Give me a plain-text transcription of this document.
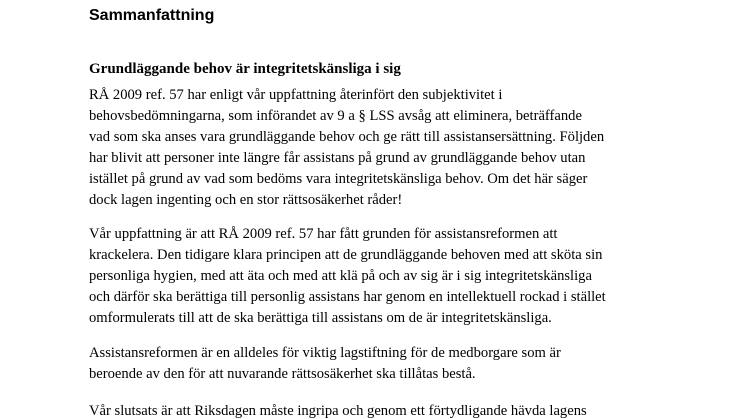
Sammanfattning
Grundläggande behov är integritetskänsliga i sig

RÅ 2009 ref. 57 har enligt vår uppfattning återinfört den subjektivitet i
behovsbedömningarna, som införandet av 9 a § LSS avsåg att eliminera, beträffande
vad som ska anses vara grundläggande behov och ge rätt till assistansersättning. Följden
har blivit att personer inte längre får assistans på grund av grundläggande behov utan
istället på grund av vad som bedöms vara integritetskänsliga behov. Om det här säger
dock lagen ingenting och en stor rättsosäkerhet råder!

Vår uppfattning är att RÅ 2009 ref. 57 har fått grunden för assistansreformen att
krackelera. Den tidigare klara principen att de grundläggande behoven med att sköta sin
personliga hygien, med att äta och med att klä på och av sig är i sig integritetskänsliga
och därför ska berättiga till personlig assistans har genom en intellektuell rockad i stället
omformulerats till att de ska berättiga till assistans om de är integritetskänsliga.

Assistansreformen är en alldeles för viktig lagstiftning för de medborgare som är
beroende av den för att nuvarande rättsosäkerhet ska tillåtas bestå.

Vår slutsats är att Riksdagen måste ingripa och genom ett förtydligande hävda lagens
